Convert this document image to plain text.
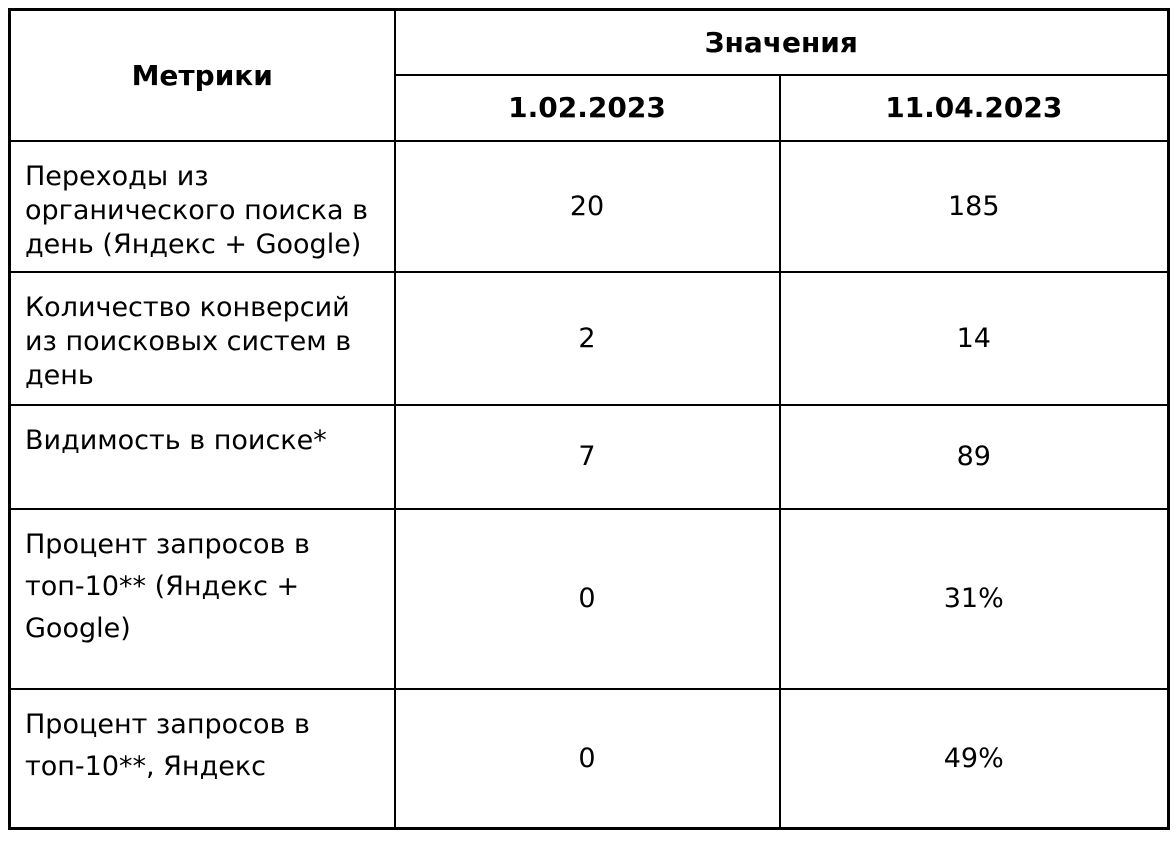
Метрики	Значения	
	1.02.2023	11.04.2023
Переходы из органического поиска в день (Яндекс + Google)	20	185
Количество конверсий из поисковых систем в день	2	14
Видимость в поиске*	7	89
Процент запросов в топ-10** (Яндекс + Google)	0	31%
Процент запросов в топ-10**, Яндекс	0	49%
